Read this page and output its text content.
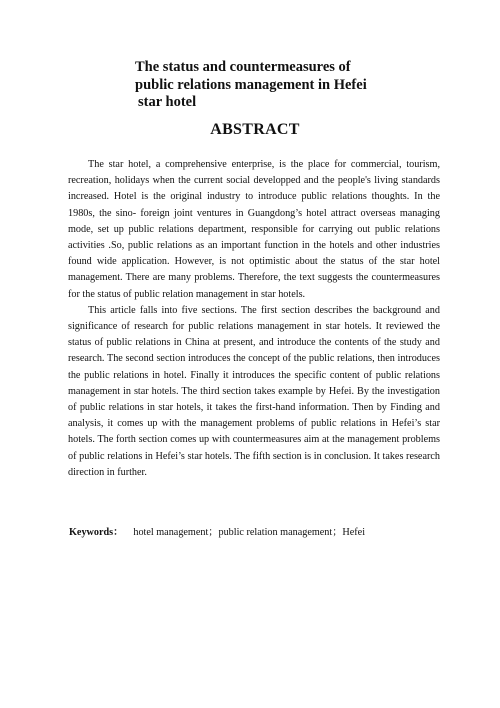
The status and countermeasures of

public relations management in Hefei

star hotel

ABSTRACT

The star hotel, a comprehensive enterprise, is the place for commercial, tourism, recreation, holidays when the current social developped and the people's living standards increased. Hotel is the original industry to introduce public relations thoughts. In the 1980s, the sino- foreign joint ventures in Guangdong’s hotel attract overseas managing mode, set up public relations department, responsible for carrying out public relations activities .So, public relations as an important function in the hotels and other industries found wide application. However, is not optimistic about the status of the star hotel management. There are many problems. Therefore, the text suggests the countermeasures for the status of public relation management in star hotels.

This article falls into five sections. The first section describes the background and significance of research for public relations management in star hotels. It reviewed the status of public relations in China at present, and introduce the contents of the study and research. The second section introduces the concept of the public relations, then introduces the public relations in hotel. Finally it introduces the specific content of public relations management in star hotels. The third section takes example by Hefei. By the investigation of public relations in star hotels, it takes the first-hand information. Then by Finding and analysis, it comes up with the management problems of public relations in Hefei’s star hotels. The forth section comes up with countermeasures aim at the management problems of public relations in Hefei’s star hotels. The fifth section is in conclusion. It takes research direction in further.

Keywords： hotel management；public relation management；Hefei
